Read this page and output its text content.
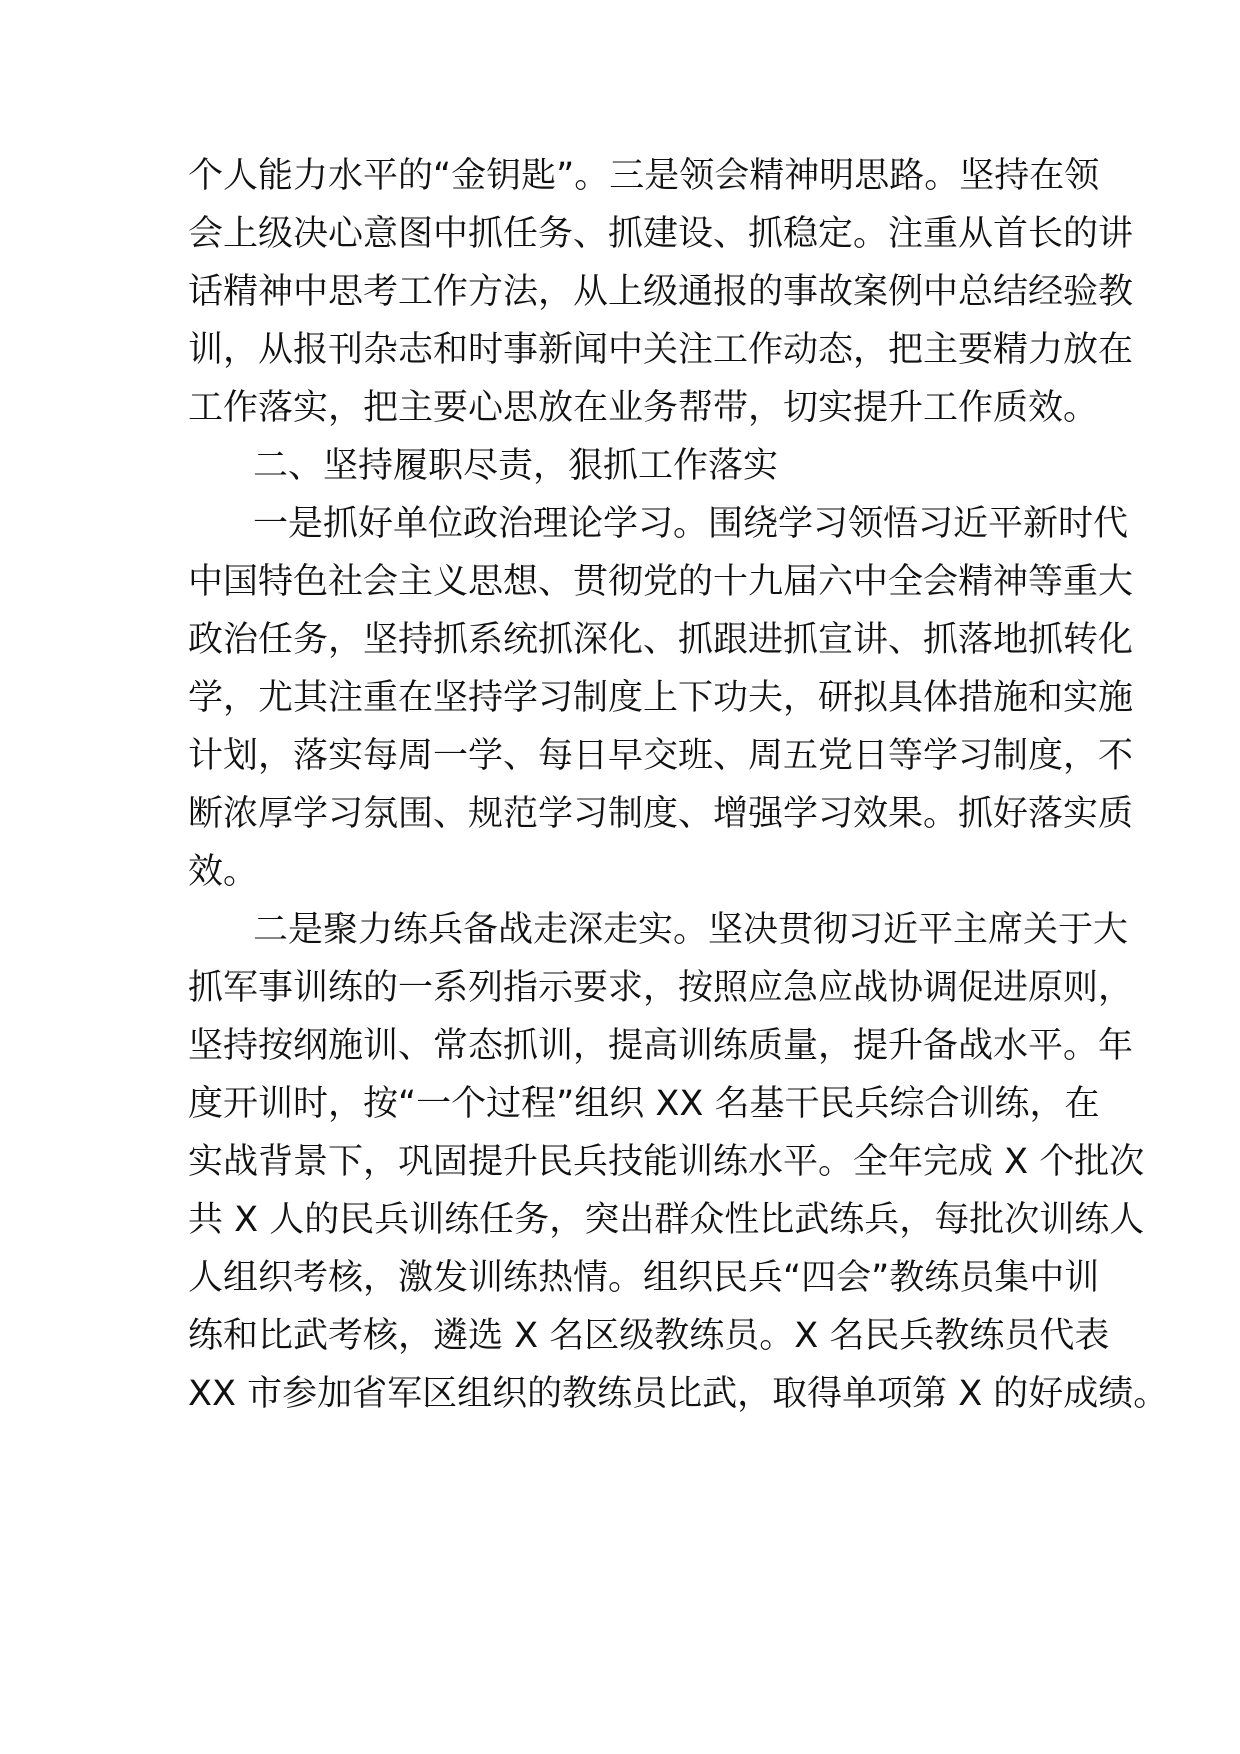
个人能力水平的“金钥匙”。三是领会精神明思路。坚持在领
会上级决心意图中抓任务、抓建设、抓稳定。注重从首长的讲
话精神中思考工作方法，从上级通报的事故案例中总结经验教
训，从报刊杂志和时事新闻中关注工作动态，把主要精力放在
工作落实，把主要心思放在业务帮带，切实提升工作质效。
二、坚持履职尽责，狠抓工作落实
一是抓好单位政治理论学习。围绕学习领悟习近平新时代
中国特色社会主义思想、贯彻党的十九届六中全会精神等重大
政治任务，坚持抓系统抓深化、抓跟进抓宣讲、抓落地抓转化
学，尤其注重在坚持学习制度上下功夫，研拟具体措施和实施
计划，落实每周一学、每日早交班、周五党日等学习制度，不
断浓厚学习氛围、规范学习制度、增强学习效果。抓好落实质
效。
二是聚力练兵备战走深走实。坚决贯彻习近平主席关于大
抓军事训练的一系列指示要求，按照应急应战协调促进原则，
坚持按纲施训、常态抓训，提高训练质量，提升备战水平。年
度开训时，按“一个过程”组织 XX 名基干民兵综合训练，在
实战背景下，巩固提升民兵技能训练水平。全年完成 X 个批次
共 X 人的民兵训练任务，突出群众性比武练兵，每批次训练人
人组织考核，激发训练热情。组织民兵“四会”教练员集中训
练和比武考核，遴选 X 名区级教练员。X 名民兵教练员代表
XX 市参加省军区组织的教练员比武，取得单项第 X 的好成绩。
